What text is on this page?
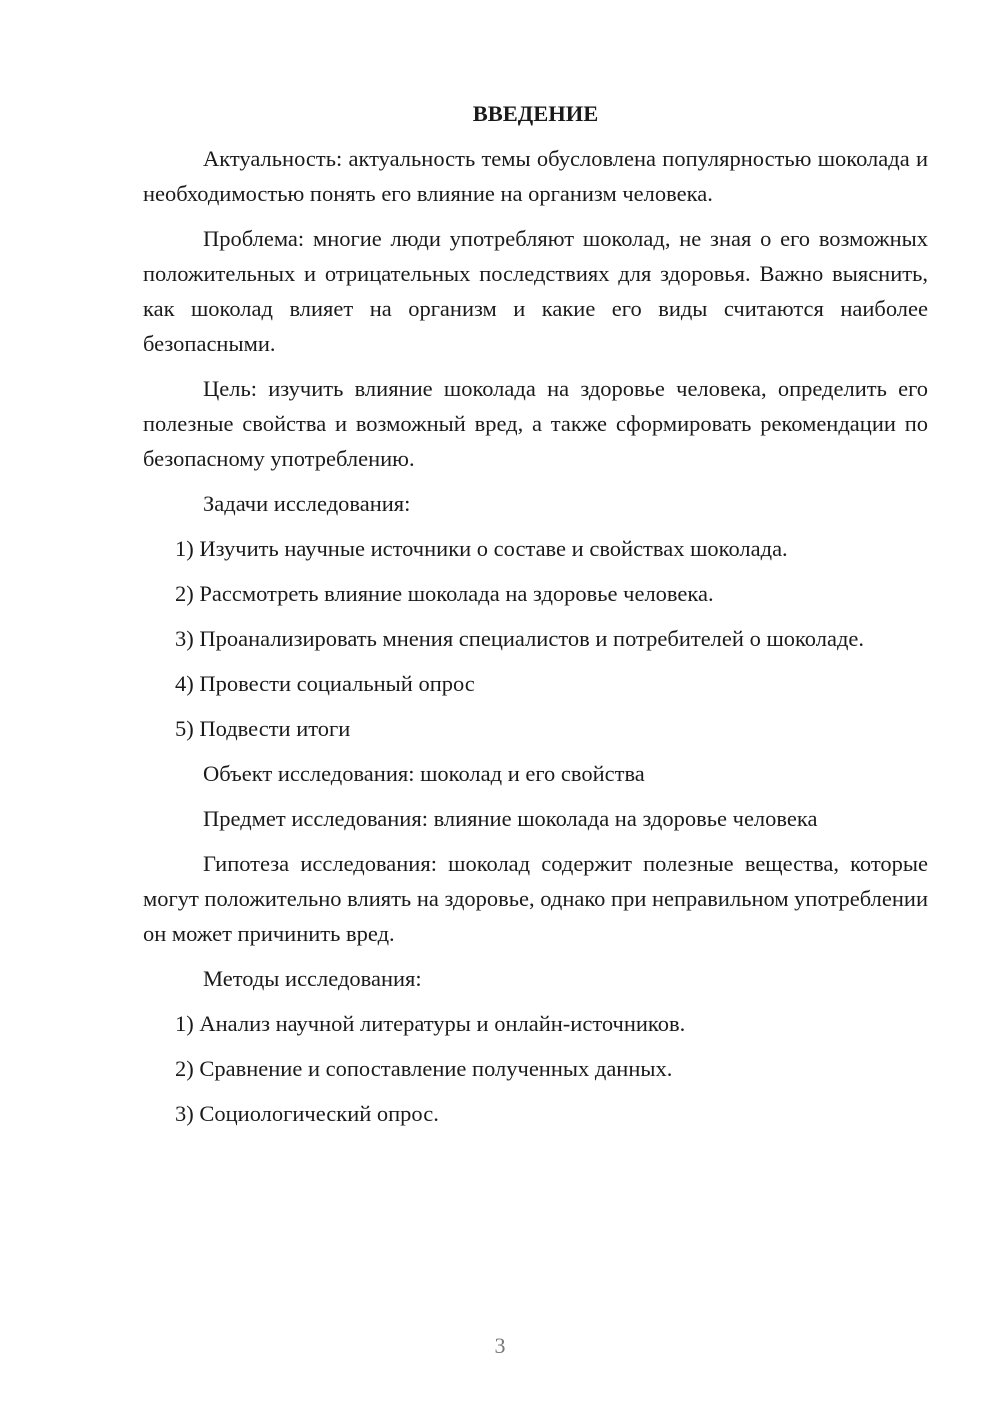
ВВЕДЕНИЕ

Актуальность: актуальность темы обусловлена популярностью шоколада и необходимостью понять его влияние на организм человека.

Проблема: многие люди употребляют шоколад, не зная о его возможных положительных и отрицательных последствиях для здоровья. Важно выяснить, как шоколад влияет на организм и какие его виды считаются наиболее безопасными.

Цель: изучить влияние шоколада на здоровье человека, определить его полезные свойства и возможный вред, а также сформировать рекомендации по безопасному употреблению.

Задачи исследования:

1) Изучить научные источники о составе и свойствах шоколада.

2) Рассмотреть влияние шоколада на здоровье человека.

3) Проанализировать мнения специалистов и потребителей о шоколаде.

4) Провести социальный опрос

5) Подвести итоги

Объект исследования: шоколад и его свойства

Предмет исследования: влияние шоколада на здоровье человека

Гипотеза исследования: шоколад содержит полезные вещества, которые могут положительно влиять на здоровье, однако при неправильном употреблении он может причинить вред.

Методы исследования:

1) Анализ научной литературы и онлайн-источников.

2) Сравнение и сопоставление полученных данных.

3) Социологический опрос.

3
